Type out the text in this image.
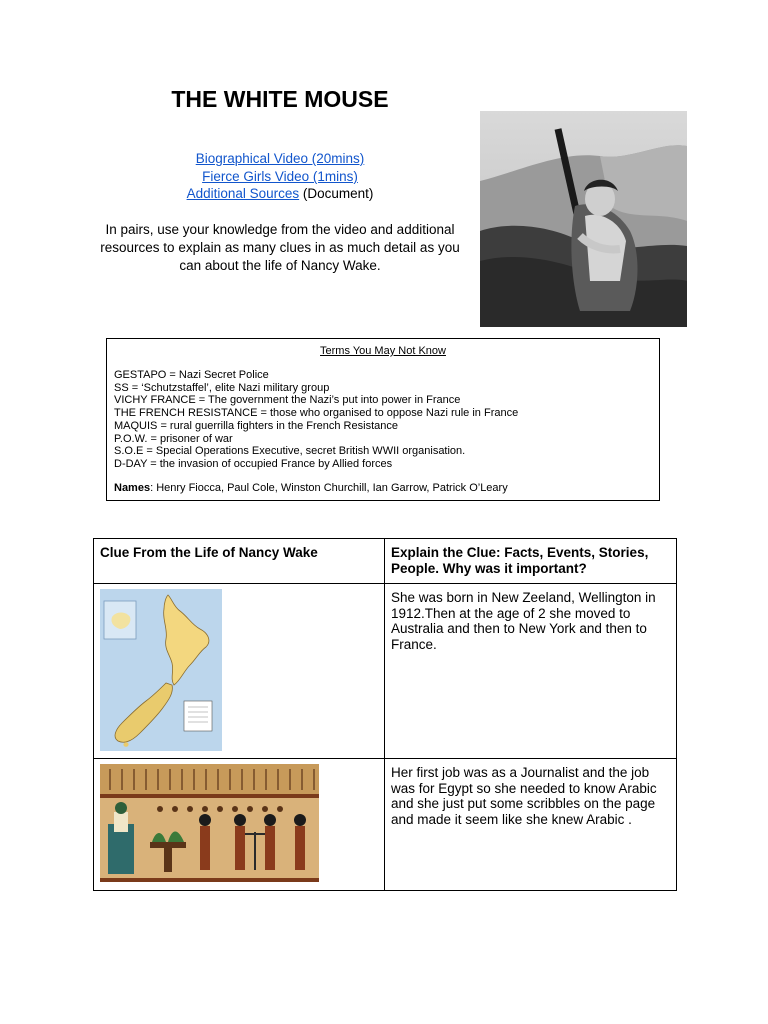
THE WHITE MOUSE
Biographical Video (20mins)
Fierce Girls Video (1mins)
Additional Sources (Document)
In pairs, use your knowledge from the video and additional resources to explain as many clues in as much detail as you can about the life of Nancy Wake.
Terms You May Not Know
GESTAPO = Nazi Secret Police
SS = ‘Schutzstaffel’, elite Nazi military group
VICHY FRANCE = The government the Nazi’s put into power in France
THE FRENCH RESISTANCE = those who organised to oppose Nazi rule in France
MAQUIS = rural guerrilla fighters in the French Resistance
P.O.W. = prisoner of war
S.O.E = Special Operations Executive, secret British WWII organisation.
D-DAY = the invasion of occupied France by Allied forces
Names: Henry Fiocca, Paul Cole, Winston Churchill, Ian Garrow, Patrick O’Leary
Clue From the Life of Nancy Wake	Explain the Clue: Facts, Events, Stories, People. Why was it important?

She was born in New Zeeland, Wellington in 1912.Then at the age of 2 she moved to Australia and then to New York and then to France.

Her first job was as a Journalist and the job was for Egypt so she needed to know Arabic and she just put some scribbles on the page and made it seem like she knew Arabic .
